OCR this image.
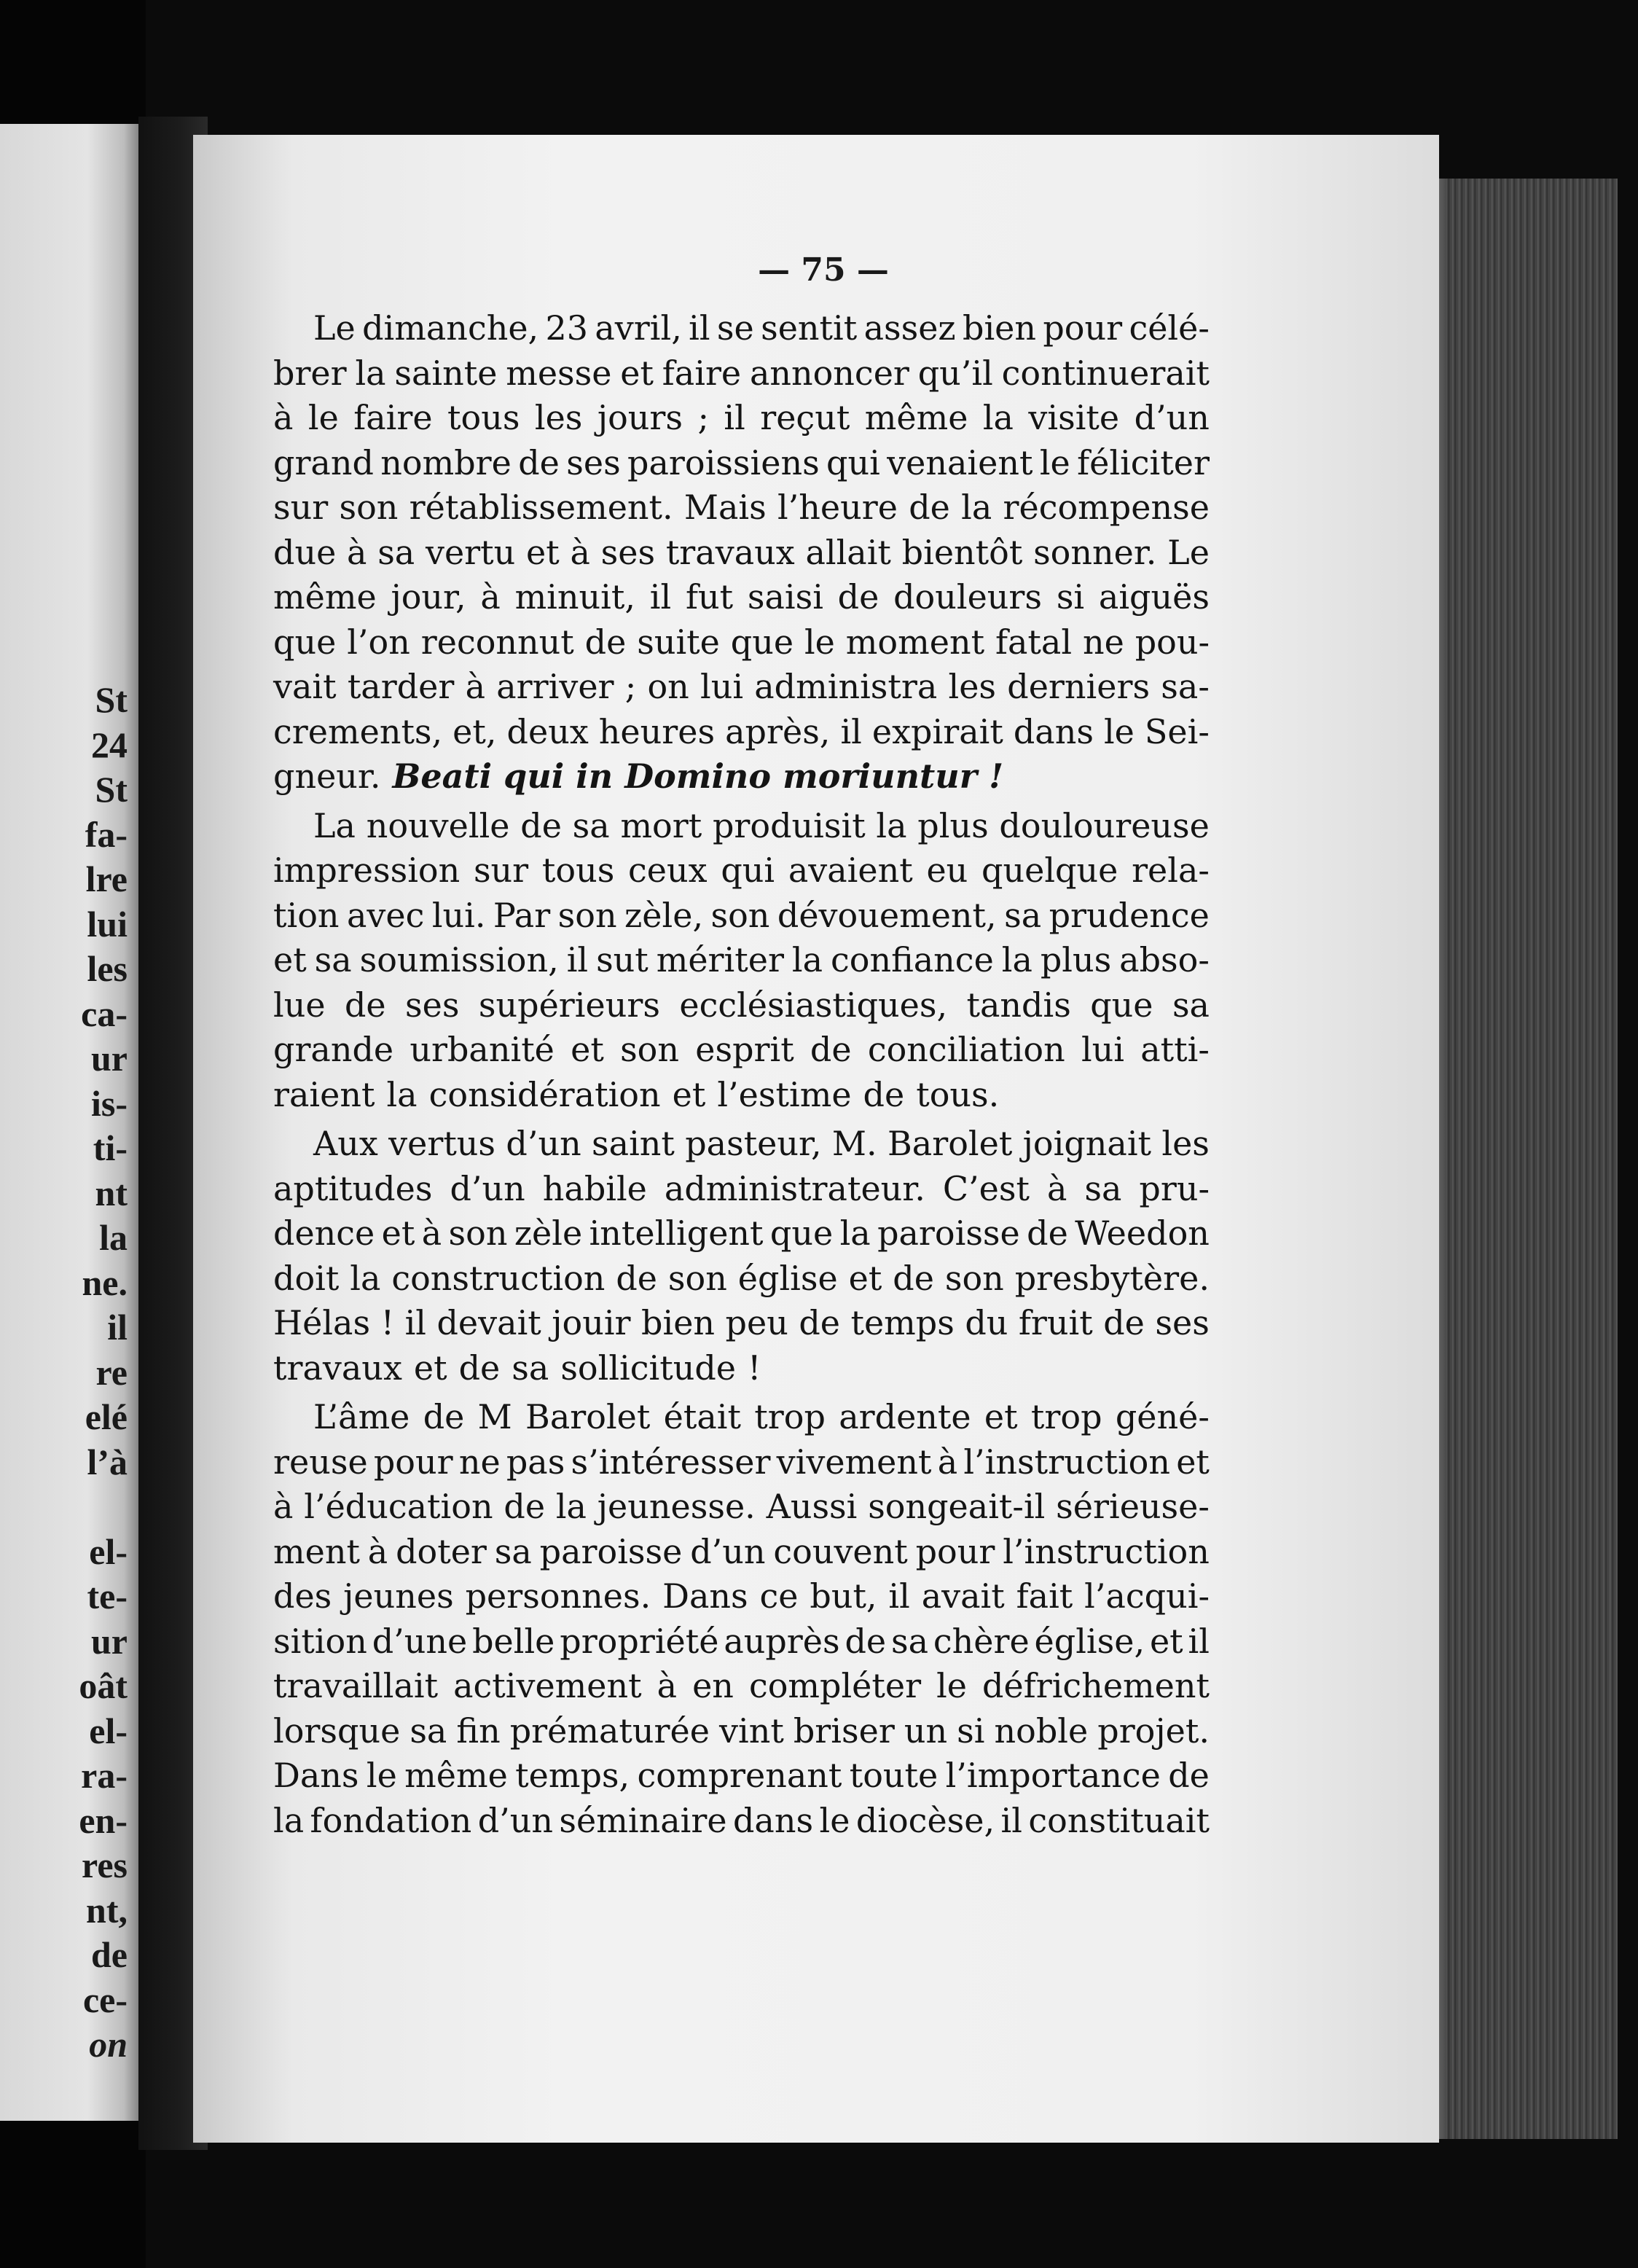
St
24
St
fa-
lre
lui
les
ca-
ur
is-
ti-
nt
la
ne.
il
re
elé
l’à

el-
te-
ur
oât
el-
ra-
en-
res
nt,
de
ce-
on
— 75 —
Le dimanche, 23 avril, il se sentit assez bien pour célé-
brer la sainte messe et faire annoncer qu’il continuerait
à le faire tous les jours ; il reçut même la visite d’un
grand nombre de ses paroissiens qui venaient le féliciter
sur son rétablissement. Mais l’heure de la récompense
due à sa vertu et à ses travaux allait bientôt sonner. Le
même jour, à minuit, il fut saisi de douleurs si aiguës
que l’on reconnut de suite que le moment fatal ne pou-
vait tarder à arriver ; on lui administra les derniers sa-
crements, et, deux heures après, il expirait dans le Sei-
gneur. Beati qui in Domino moriuntur !
La nouvelle de sa mort produisit la plus douloureuse
impression sur tous ceux qui avaient eu quelque rela-
tion avec lui. Par son zèle, son dévouement, sa prudence
et sa soumission, il sut mériter la confiance la plus abso-
lue de ses supérieurs ecclésiastiques, tandis que sa
grande urbanité et son esprit de conciliation lui atti-
raient la considération et l’estime de tous.
Aux vertus d’un saint pasteur, M. Barolet joignait les
aptitudes d’un habile administrateur. C’est à sa pru-
dence et à son zèle intelligent que la paroisse de Weedon
doit la construction de son église et de son presbytère.
Hélas ! il devait jouir bien peu de temps du fruit de ses
travaux et de sa sollicitude !
L’âme de M Barolet était trop ardente et trop géné-
reuse pour ne pas s’intéresser vivement à l’instruction et
à l’éducation de la jeunesse. Aussi songeait-il sérieuse-
ment à doter sa paroisse d’un couvent pour l’instruction
des jeunes personnes. Dans ce but, il avait fait l’acqui-
sition d’une belle propriété auprès de sa chère église, et il
travaillait activement à en compléter le défrichement
lorsque sa fin prématurée vint briser un si noble projet.
Dans le même temps, comprenant toute l’importance de
la fondation d’un séminaire dans le diocèse, il constituait
